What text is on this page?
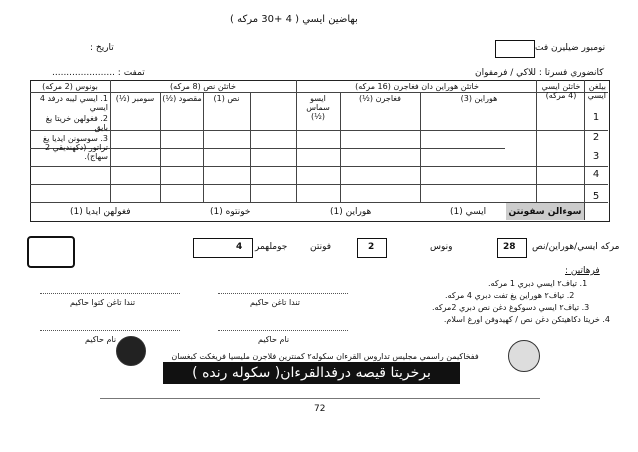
بهاضين ايسي ( 4 +30 مرکه )
نومبور ضيليرن فت
تاريخ :
کانضوري فسرتا : للاکي / فرمفوان
تمفت : ......................
بيلغن ايسي
خاتئن ايسي (4 مرکه)
خاتئن هوراين دان فغاجرن (16 مرکه)
هوراين (3)
فغاجرن (½)
ايسو سماس (½)
خاتئن نص (8 مرکه)
نص (1)
مقصود (½)
سومبر (½)
بونوس (2 مرکه)
1. ايسي ليبه درفد 4 ايسي
2. فغولهن خريتا يغ بايق
3. سوسونن ايديا يغ تراتور (دکهنديقي 2 سهاج).
1
2
3
4
5
سوءالن سفونتن
ايسي (1)
هوراين (1)
خونتوه (1)
فغولهن ايديا (1)
مرکه ايسي/هوراين/نص
28
ونوس
2
فونتن
4 جوملهمر
فرهاتين :
1. تياف٢ ايسي دبري 1 مرکه.
2. تياف٢ هوراين يغ تفت دبري 4 مرکه.
3. تياف٢ ايسي دسوکوغ دغن نص دبري 2مرکه.
4. خريتا دکاهيتکن دغن نص / کهيدوفن اورغ اسلام.
تندا تاغن کتوا حاکيم	تندا تاغن حاکيم
نام حاکيم	نام حاکيم
ففخاکيمن راسمي مجليس تداروس القرءان سکوله٢ کمنترين فلاجرن مليسيا فريغکت کبغسان
برخريتا قيصه درفدالقرءان( سکوله رنده )
72
